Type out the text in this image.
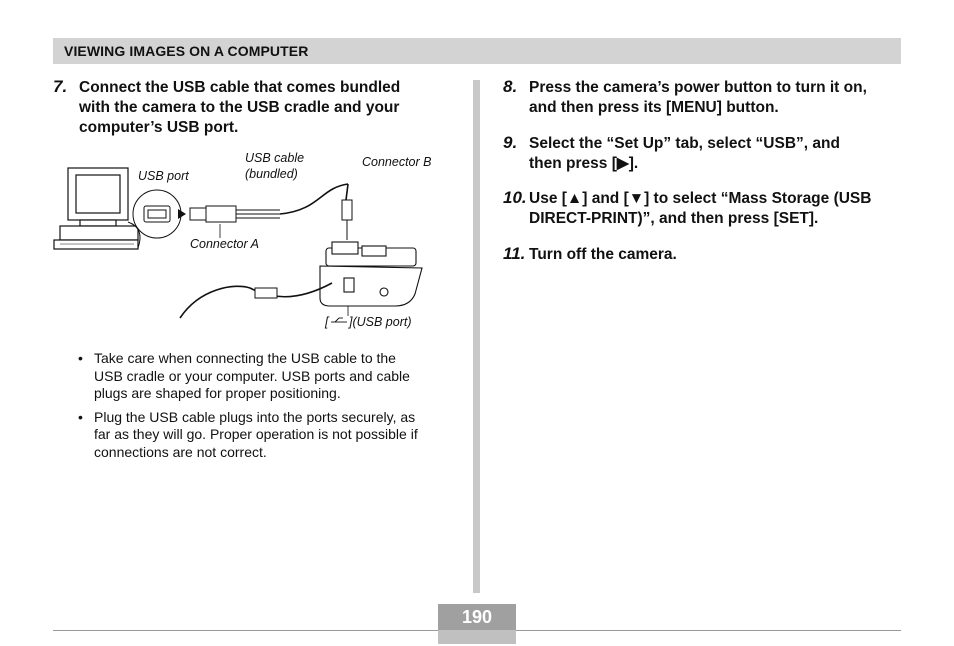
VIEWING IMAGES ON A COMPUTER
7. Connect the USB cable that comes bundled
with the camera to the USB cradle and your
computer’s USB port.
USB port
USB cable
(bundled)
Connector B
Connector A
[ ](USB port)
• Take care when connecting the USB cable to the
USB cradle or your computer. USB ports and cable
plugs are shaped for proper positioning.
• Plug the USB cable plugs into the ports securely, as
far as they will go. Proper operation is not possible if
connections are not correct.
8. Press the camera’s power button to turn it on,
and then press its [MENU] button.
9. Select the “Set Up” tab, select “USB”, and
then press [▶].
10. Use [▲] and [▼] to select “Mass Storage (USB
DIRECT-PRINT)”, and then press [SET].
11. Turn off the camera.
190
